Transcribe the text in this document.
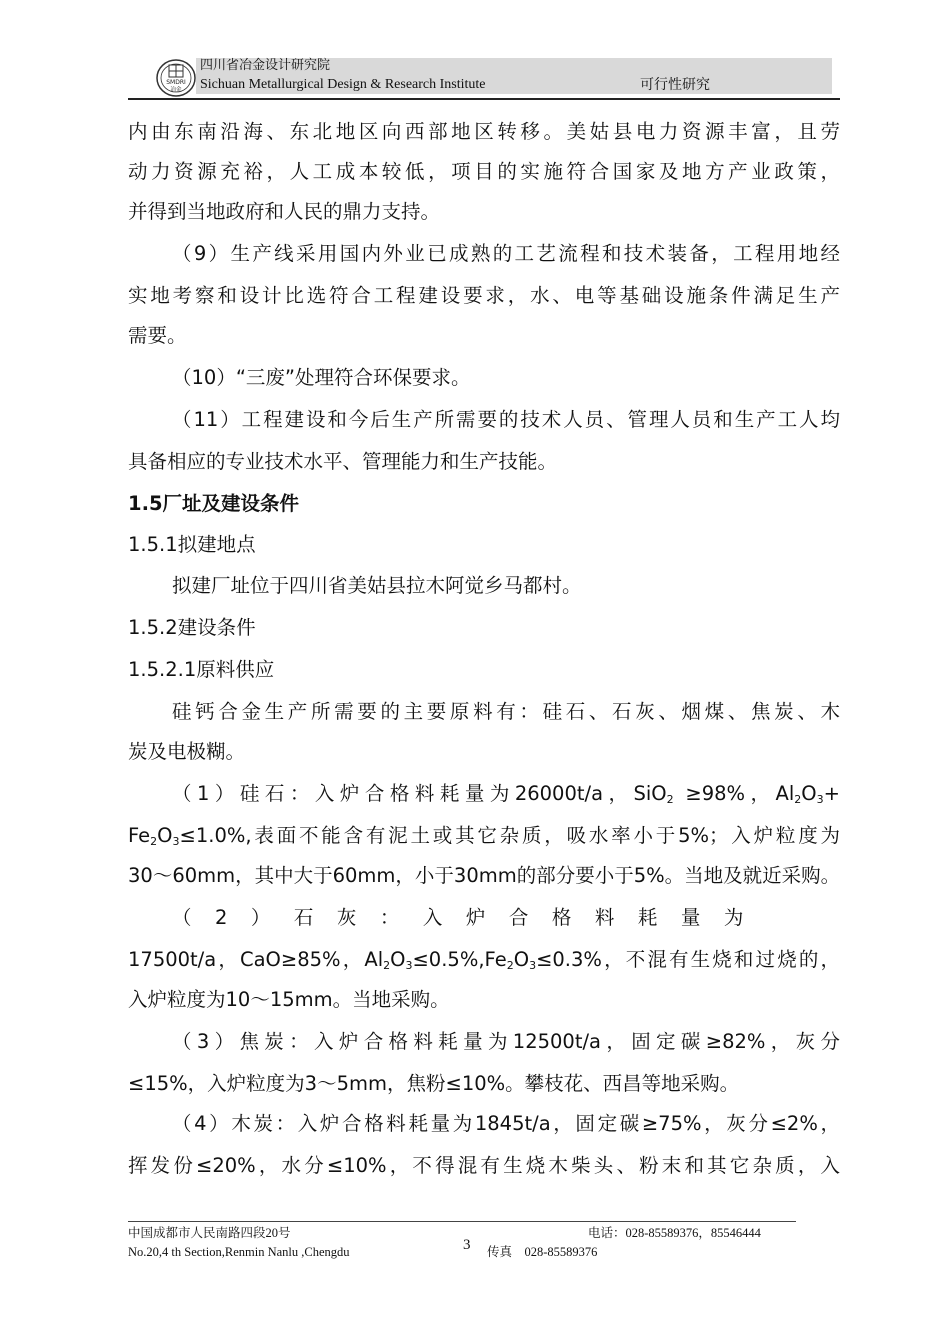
SMDRI
冶金
四川省冶金设计研究院
Sichuan Metallurgical Design & Research Institute	可行性研究
内由东南沿海、东北地区向西部地区转移。美姑县电力资源丰富，且劳
动力资源充裕，人工成本较低，项目的实施符合国家及地方产业政策，
并得到当地政府和人民的鼎力支持。
（9）生产线采用国内外业已成熟的工艺流程和技术装备，工程用地经
实地考察和设计比选符合工程建设要求，水、电等基础设施条件满足生产
需要。
（10）“三废”处理符合环保要求。
（11）工程建设和今后生产所需要的技术人员、管理人员和生产工人均
具备相应的专业技术水平、管理能力和生产技能。
1.5厂址及建设条件
1.5.1拟建地点
拟建厂址位于四川省美姑县拉木阿觉乡马都村。
1.5.2建设条件
1.5.2.1原料供应
硅钙合金生产所需要的主要原料有：硅石、石灰、烟煤、焦炭、木
炭及电极糊。
（1）硅石：入炉合格料耗量为26000t/a，SiO$_2$ ≥98%，$Al_2O_3+$
$Fe_2O_3\le 1.0\%$,表面不能含有泥土或其它杂质，吸水率小于5%；入炉粒度为
30～60mm，其中大于60mm，小于30mm的部分要小于5%。当地及就近采购。
（2）石灰：入炉合格料耗量为
17500t/a，CaO≥85%，$Al_2O_3\le 0.5\%,Fe_2O_3\le 0.3\%$，不混有生烧和过烧的，
入炉粒度为10～15mm。当地采购。
（3）焦炭：入炉合格料耗量为12500t/a，固定碳≥82%，灰分
≤15%，入炉粒度为3～5mm，焦粉≤10%。攀枝花、西昌等地采购。
（4）木炭：入炉合格料耗量为1845t/a，固定碳≥75%，灰分≤2%，
挥发份≤20%，水分≤10%，不得混有生烧木柴头、粉末和其它杂质，入
中国成都市人民南路四段20号
No.20,4 th Section,Renmin Nanlu ,Chengdu	3
电话：028-85589376，85546444
传真　028-85589376
